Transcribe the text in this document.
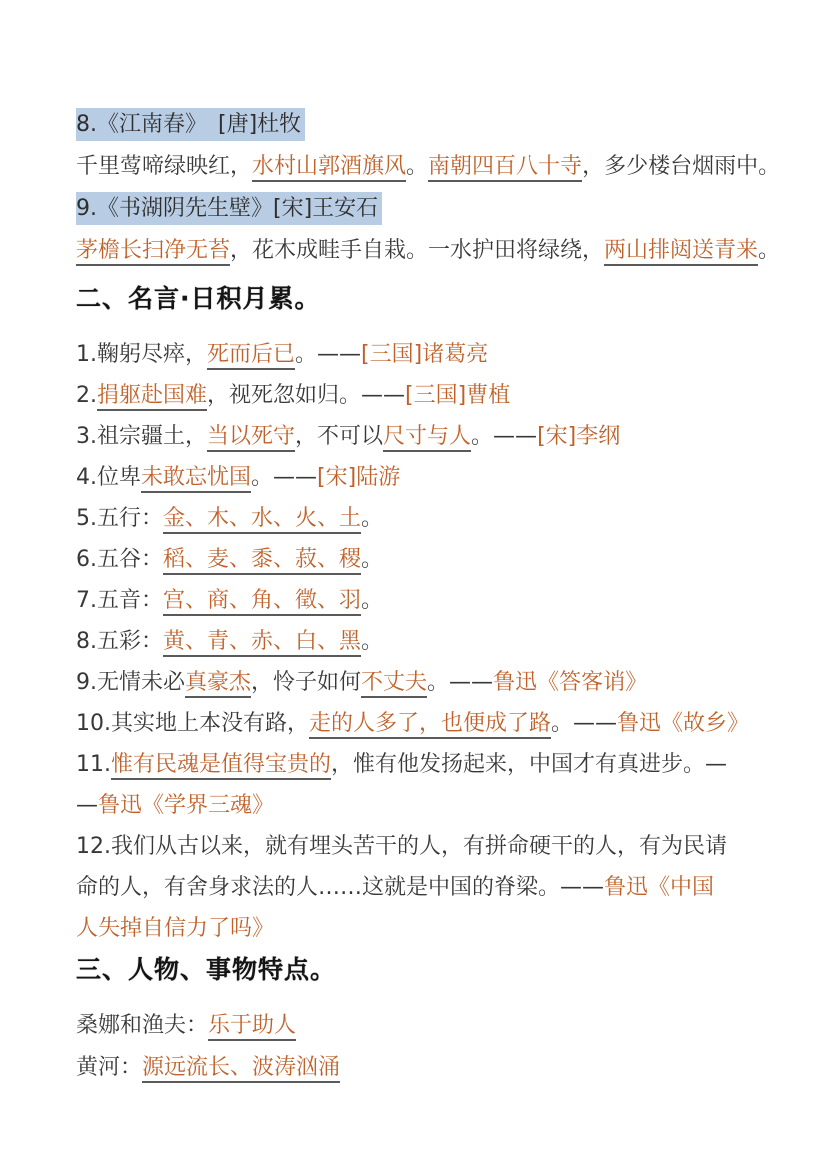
8.《江南春》　[唐]杜牧
千里莺啼绿映红，水村山郭酒旗风。南朝四百八十寺，多少楼台烟雨中。
9.《书湖阴先生壁》[宋]王安石
茅檐长扫净无苔，花木成畦手自栽。一水护田将绿绕，两山排闼送青来。
二、名言·日积月累。
1.鞠躬尽瘁，死而后已。——[三国]诸葛亮
2.捐躯赴国难，视死忽如归。——[三国]曹植
3.祖宗疆土，当以死守，不可以尺寸与人。——[宋]李纲
4.位卑未敢忘忧国。——[宋]陆游
5.五行：金、木、水、火、土。
6.五谷：稻、麦、黍、菽、稷。
7.五音：宫、商、角、徵、羽。
8.五彩：黄、青、赤、白、黑。
9.无情未必真豪杰，怜子如何不丈夫。——鲁迅《答客诮》
10.其实地上本没有路，走的人多了，也便成了路。——鲁迅《故乡》
11.惟有民魂是值得宝贵的，惟有他发扬起来，中国才有真进步。—
—鲁迅《学界三魂》
12.我们从古以来，就有埋头苦干的人，有拼命硬干的人，有为民请
命的人，有舍身求法的人……这就是中国的脊梁。——鲁迅《中国
人失掉自信力了吗》
三、人物、事物特点。
桑娜和渔夫：乐于助人
黄河：源远流长、波涛汹涌
